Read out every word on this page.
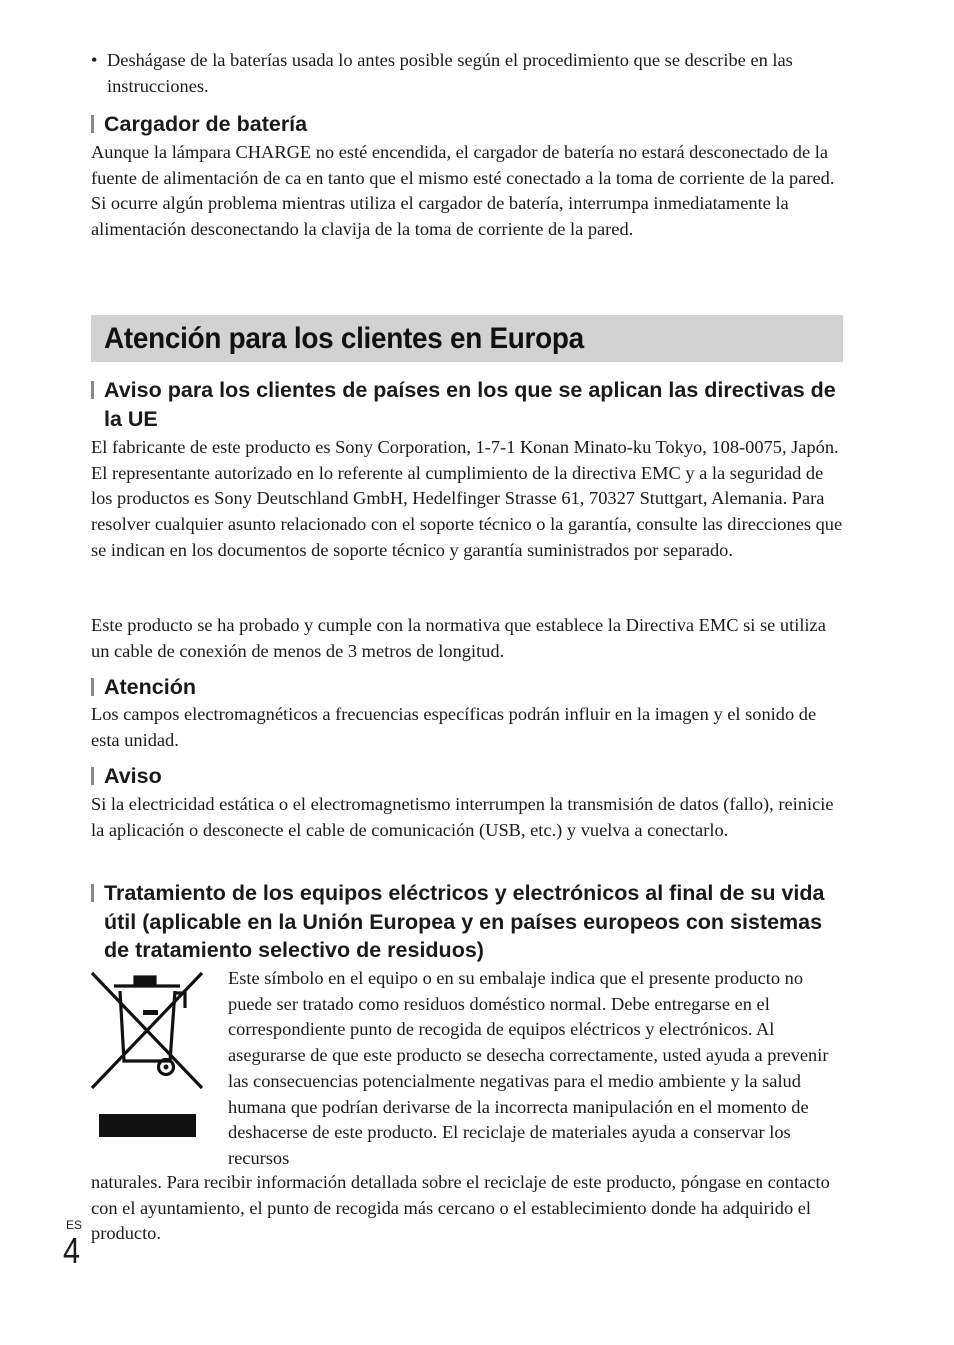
• Deshágase de la baterías usada lo antes posible según el procedimiento que se describe en las instrucciones.

Cargador de batería

Aunque la lámpara CHARGE no esté encendida, el cargador de batería no estará desconectado de la fuente de alimentación de ca en tanto que el mismo esté conectado a la toma de corriente de la pared. Si ocurre algún problema mientras utiliza el cargador de batería, interrumpa inmediatamente la alimentación desconectando la clavija de la toma de corriente de la pared.

Atención para los clientes en Europa
Aviso para los clientes de países en los que se aplican las directivas de la UE

El fabricante de este producto es Sony Corporation, 1-7-1 Konan Minato-ku Tokyo, 108-0075, Japón. El representante autorizado en lo referente al cumplimiento de la directiva EMC y a la seguridad de los productos es Sony Deutschland GmbH, Hedelfinger Strasse 61, 70327 Stuttgart, Alemania. Para resolver cualquier asunto relacionado con el soporte técnico o la garantía, consulte las direcciones que se indican en los documentos de soporte técnico y garantía suministrados por separado.

Este producto se ha probado y cumple con la normativa que establece la Directiva EMC si se utiliza un cable de conexión de menos de 3 metros de longitud.

Atención

Los campos electromagnéticos a frecuencias específicas podrán influir en la imagen y el sonido de esta unidad.

Aviso

Si la electricidad estática o el electromagnetismo interrumpen la transmisión de datos (fallo), reinicie la aplicación o desconecte el cable de comunicación (USB, etc.) y vuelva a conectarlo.

Tratamiento de los equipos eléctricos y electrónicos al final de su vida útil (aplicable en la Unión Europea y en países europeos con sistemas de tratamiento selectivo de residuos)

Este símbolo en el equipo o en su embalaje indica que el presente producto no puede ser tratado como residuos doméstico normal. Debe entregarse en el correspondiente punto de recogida de equipos eléctricos y electrónicos. Al asegurarse de que este producto se desecha correctamente, usted ayuda a prevenir las consecuencias potencialmente negativas para el medio ambiente y la salud humana que podrían derivarse de la incorrecta manipulación en el momento de deshacerse de este producto. El reciclaje de materiales ayuda a conservar los recursos

naturales. Para recibir información detallada sobre el reciclaje de este producto, póngase en contacto con el ayuntamiento, el punto de recogida más cercano o el establecimiento donde ha adquirido el producto.

ES
4
